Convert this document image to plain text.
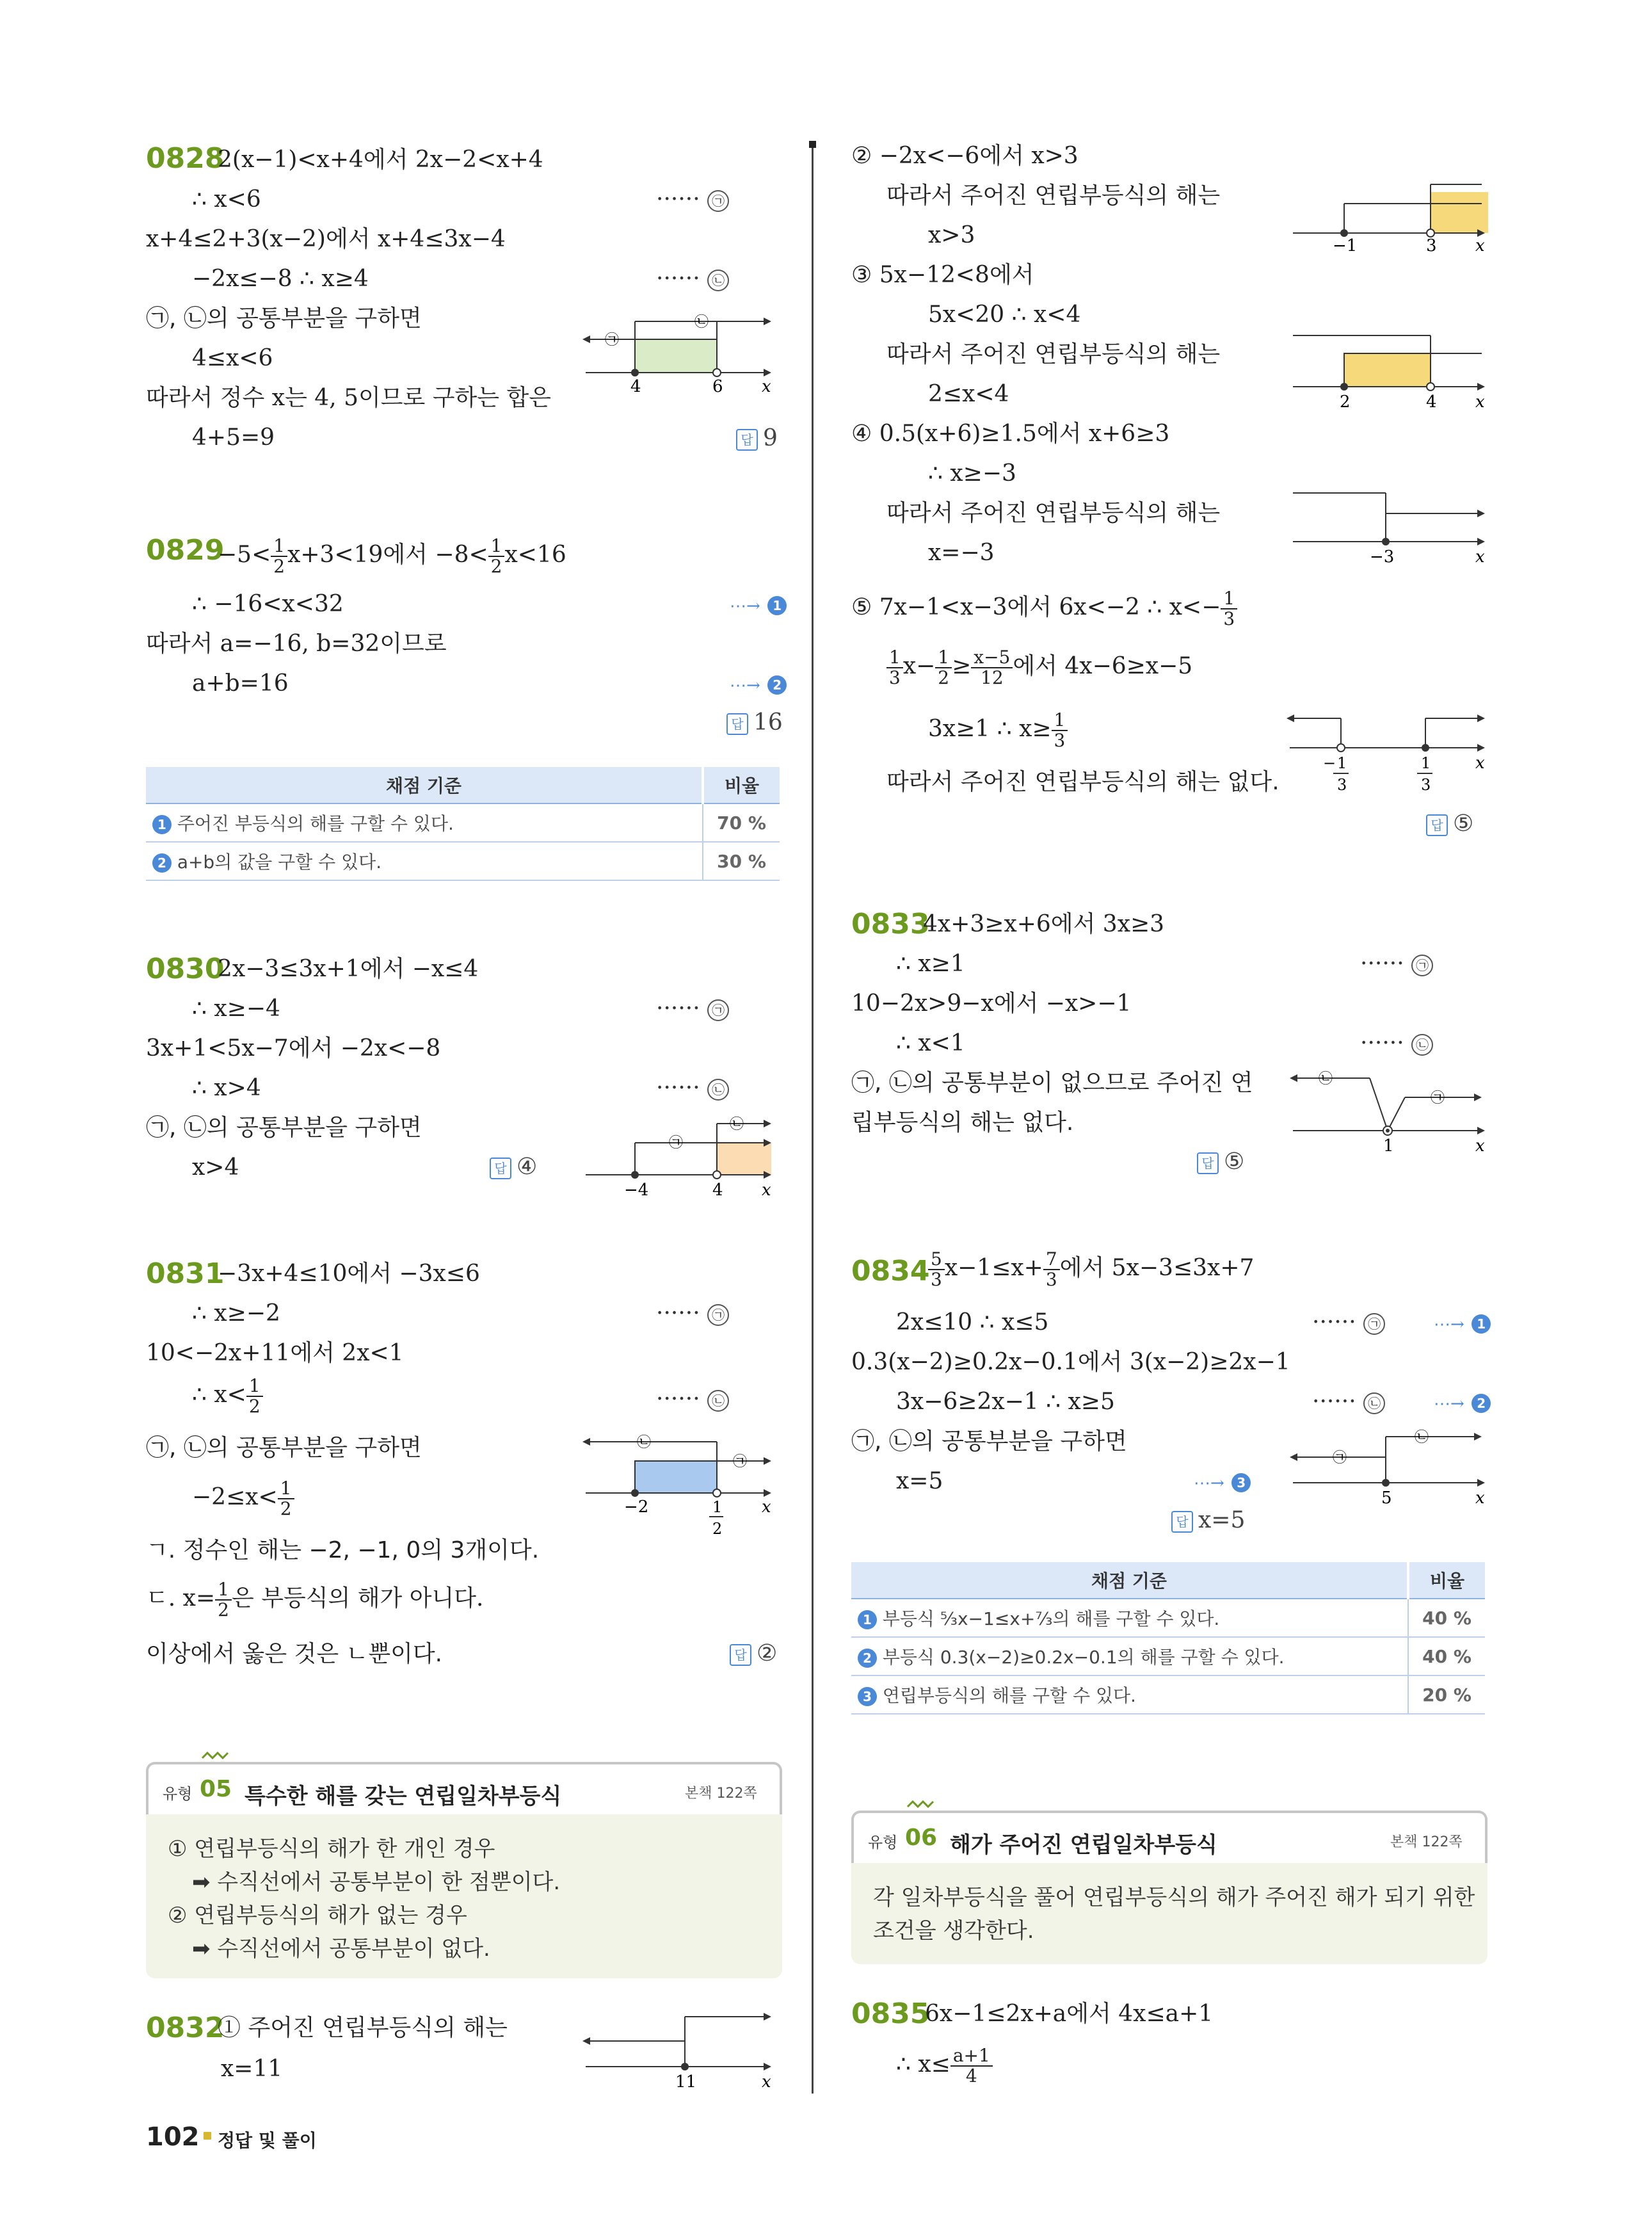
0828
2(x−1)<x+4에서 2x−2<x+4
∴ x<6	······ ㉠
x+4≤2+3(x−2)에서 x+4≤3x−4
−2x≤−8 ∴ x≥4	······ ㉡
㉠, ㉡의 공통부분을 구하면
4≤x<6
따라서 정수 x는 4, 5이므로 구하는 합은
4+5=9	답 9
㉠
㉡
4	6 x
0829
$-5< \frac{1}{2} x+3<19$에서 $-8< \frac{1}{2} x<16$
∴ −16<x<32	⋯→ 1
따라서 a=−16, b=32이므로
a+b=16	⋯→ 2
답 16
채점 기준	비율
1 주어진 부등식의 해를 구할 수 있다.	70 %
2 a+b의 값을 구할 수 있다.	30 %
0830
2x−3≤3x+1에서 −x≤4
∴ x≥−4	······ ㉠
3x+1<5x−7에서 −2x<−8
∴ x>4	······ ㉡
㉠, ㉡의 공통부분을 구하면
x>4	답 ④
㉠
㉡
−4	4 x
0831
−3x+4≤10에서 −3x≤6
∴ x≥−2	······ ㉠
10<−2x+11에서 2x<1
∴ $x< \frac{1}{2}$	······ ㉡
㉠, ㉡의 공통부분을 구하면
$-2\le x< \frac{1}{2}$
ㄱ. 정수인 해는 −2, −1, 0의 3개이다.
ㄷ. $x= \frac{1}{2}$ 은 부등식의 해가 아니다.
이상에서 옳은 것은 ㄴ뿐이다.	답 ②
㉡
㉠
−2	1
2
x
유형 05 특수한 해를 갖는 연립일차부등식	본책 122쪽
① 연립부등식의 해가 한 개인 경우
➡ 수직선에서 공통부분이 한 점뿐이다.
② 연립부등식의 해가 없는 경우
➡ 수직선에서 공통부분이 없다.
0832
① 주어진 연립부등식의 해는
x=11	11	x
102 정답 및 풀이
② −2x<−6에서 x>3
따라서 주어진 연립부등식의 해는
x>3	−1	3 x
③ 5x−12<8에서
5x<20 ∴ x<4
따라서 주어진 연립부등식의 해는
2≤x<4	2	4 x
④ 0.5(x+6)≥1.5에서 x+6≥3
∴ x≥−3
따라서 주어진 연립부등식의 해는
x=−3	−3	x
⑤ 7x−1<x−3에서 6x<−2 ∴ $x<- \frac{1}{3}$
$\frac{1}{3} x- \frac{1}{2} \ge \frac{x-5}{12}$ 에서 4x−6≥x−5
3x≥1 ∴ $x\ge \frac{1}{3}$
따라서 주어진 연립부등식의 해는 없다.
답 ⑤
− 1
3
1
3
x
0833
4x+3≥x+6에서 3x≥3
∴ x≥1	······ ㉠
10−2x>9−x에서 −x>−1
∴ x<1	······ ㉡
㉠, ㉡의 공통부분이 없으므로 주어진 연
립부등식의 해는 없다.
답 ⑤
㉡
㉠
1	x
0834
$\frac{5}{3} x-1\le x+ \frac{7}{3}$ 에서 5x−3≤3x+7
2x≤10 ∴ x≤5	······ ㉠	⋯→ 1
0.3(x−2)≥0.2x−0.1에서 3(x−2)≥2x−1
3x−6≥2x−1 ∴ x≥5	······ ㉡	⋯→ 2
㉠, ㉡의 공통부분을 구하면
x=5	⋯→ 3
답 x=5
㉠
㉡
5	x
채점 기준	비율
1 부등식 ⁵⁄₃x−1≤x+⁷⁄₃의 해를 구할 수 있다.	40 %
2 부등식 0.3(x−2)≥0.2x−0.1의 해를 구할 수 있다.	40 %
3 연립부등식의 해를 구할 수 있다.	20 %
유형 06 해가 주어진 연립일차부등식	본책 122쪽
각 일차부등식을 풀어 연립부등식의 해가 주어진 해가 되기 위한
조건을 생각한다.
0835
6x−1≤2x+a에서 4x≤a+1
∴ $x\le \frac{a+1}{4}$
